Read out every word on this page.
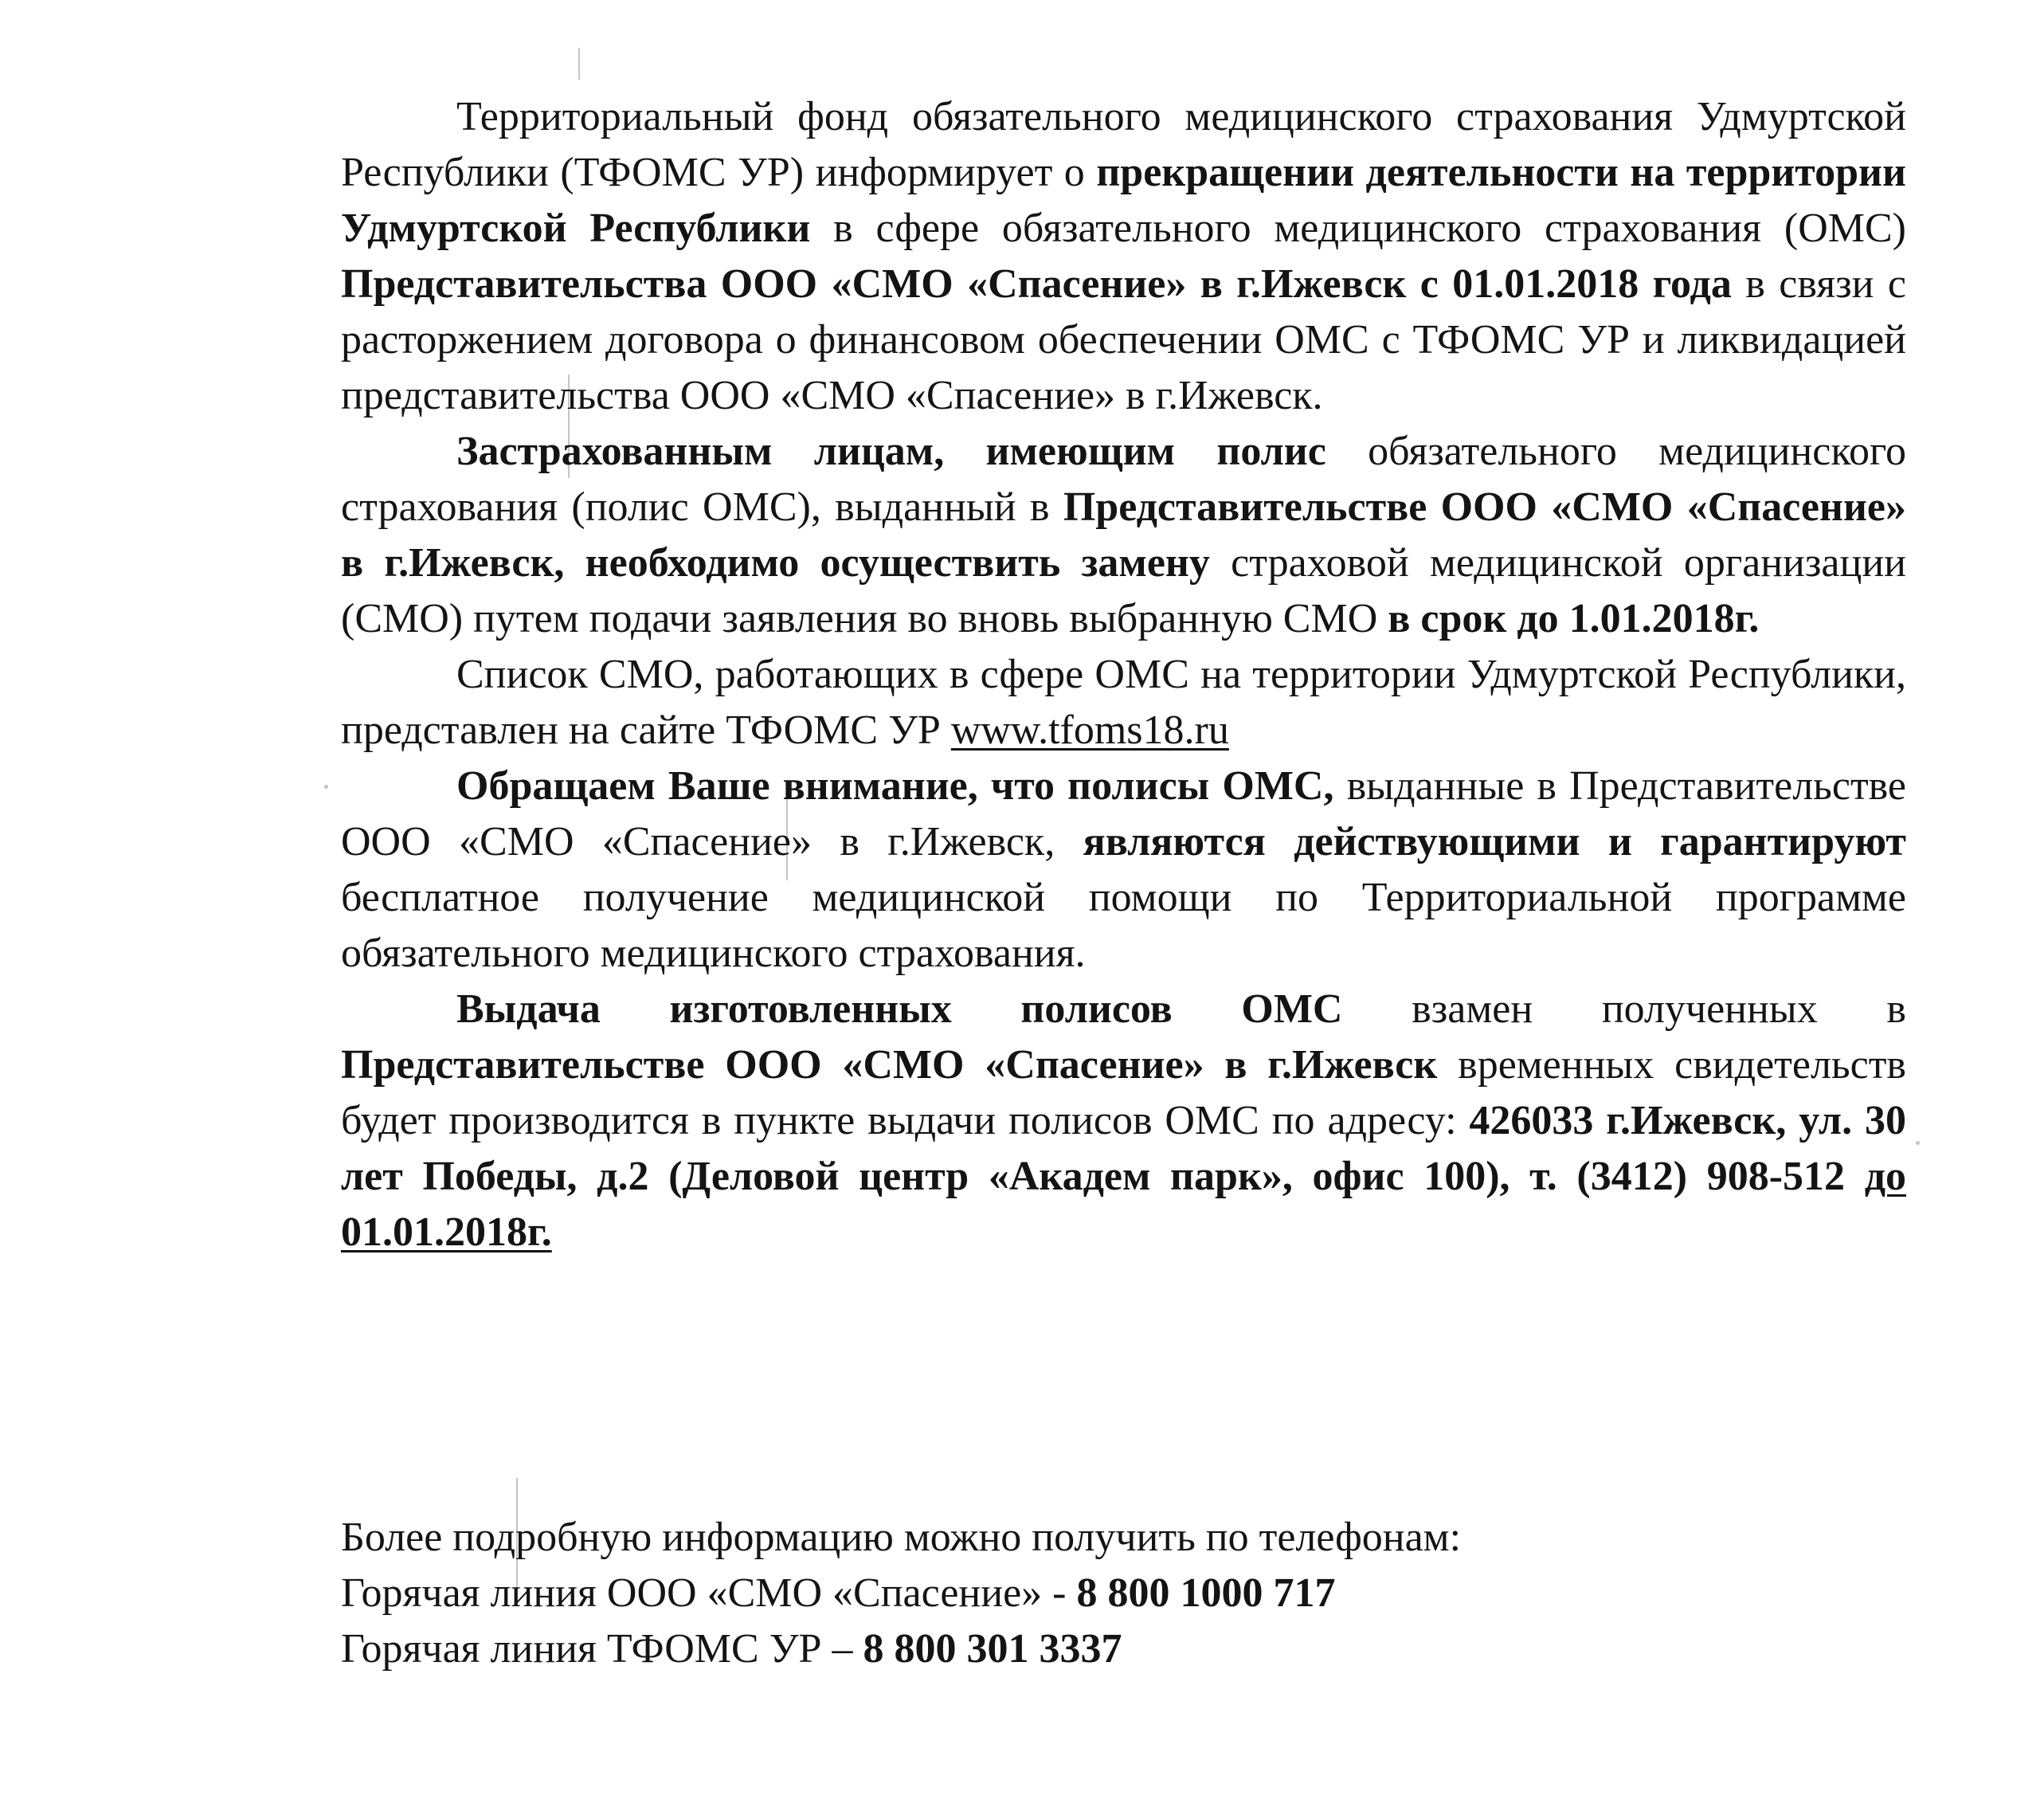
Территориальный фонд обязательного медицинского страхования Удмуртской Республики (ТФОМС УР) информирует о прекращении деятельности на территории Удмуртской Республики в сфере обязательного медицинского страхования (ОМС) Представительства ООО «СМО «Спасение» в г.Ижевск с 01.01.2018 года в связи с расторжением договора о финансовом обеспечении ОМС с ТФОМС УР и ликвидацией представительства ООО «СМО «Спасение» в г.Ижевск.

Застрахованным лицам, имеющим полис обязательного медицинского страхования (полис ОМС), выданный в Представительстве ООО «СМО «Спасение» в г.Ижевск, необходимо осуществить замену страховой медицинской организации (СМО) путем подачи заявления во вновь выбранную СМО в срок до 1.01.2018г.

Список СМО, работающих в сфере ОМС на территории Удмуртской Республики, представлен на сайте ТФОМС УР www.tfoms18.ru

Обращаем Ваше внимание, что полисы ОМС, выданные в Представительстве ООО «СМО «Спасение» в г.Ижевск, являются действующими и гарантируют бесплатное получение медицинской помощи по Территориальной программе обязательного медицинского страхования.

Выдача изготовленных полисов ОМС взамен полученных в Представительстве ООО «СМО «Спасение» в г.Ижевск временных свидетельств будет производится в пункте выдачи полисов ОМС по адресу: 426033 г.Ижевск, ул. 30 лет Победы, д.2 (Деловой центр «Академ парк», офис 100), т. (3412) 908-512 до 01.01.2018г.

Более подробную информацию можно получить по телефонам:

Горячая линия ООО «СМО «Спасение» - 8 800 1000 717

Горячая линия ТФОМС УР – 8 800 301 3337
